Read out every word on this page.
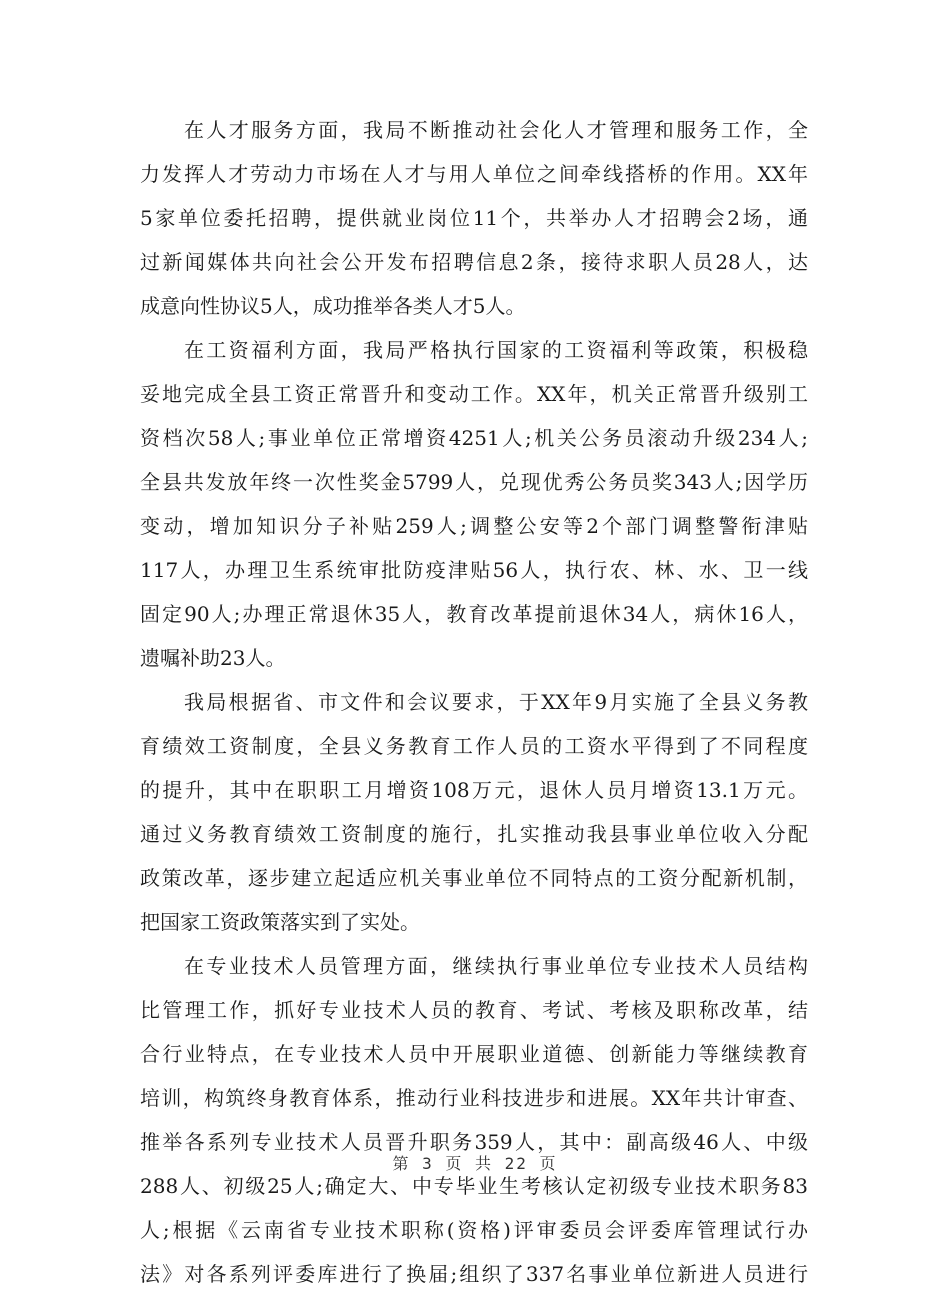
在人才服务方面，我局不断推动社会化人才管理和服务工作，全
力发挥人才劳动力市场在人才与用人单位之间牵线搭桥的作用。XX年
5家单位委托招聘，提供就业岗位11个，共举办人才招聘会2场，通
过新闻媒体共向社会公开发布招聘信息2条，接待求职人员28人，达
成意向性协议5人，成功推举各类人才5人。
在工资福利方面，我局严格执行国家的工资福利等政策，积极稳
妥地完成全县工资正常晋升和变动工作。XX年，机关正常晋升级别工
资档次58人;事业单位正常增资4251人;机关公务员滚动升级234人;
全县共发放年终一次性奖金5799人，兑现优秀公务员奖343人;因学历
变动，增加知识分子补贴259人;调整公安等2个部门调整警衔津贴
117人，办理卫生系统审批防疫津贴56人，执行农、林、水、卫一线
固定90人;办理正常退休35人，教育改革提前退休34人，病休16人，
遗嘱补助23人。
我局根据省、市文件和会议要求，于XX年9月实施了全县义务教
育绩效工资制度，全县义务教育工作人员的工资水平得到了不同程度
的提升，其中在职职工月增资108万元，退休人员月增资13.1万元。
通过义务教育绩效工资制度的施行，扎实推动我县事业单位收入分配
政策改革，逐步建立起适应机关事业单位不同特点的工资分配新机制，
把国家工资政策落实到了实处。
在专业技术人员管理方面，继续执行事业单位专业技术人员结构
比管理工作，抓好专业技术人员的教育、考试、考核及职称改革，结
合行业特点，在专业技术人员中开展职业道德、创新能力等继续教育
培训，构筑终身教育体系，推动行业科技进步和进展。XX年共计审查、
推举各系列专业技术人员晋升职务359人，其中：副高级46人、中级
288人、初级25人;确定大、中专毕业生考核认定初级专业技术职务83
人;根据《云南省专业技术职称(资格)评审委员会评委库管理试行办
法》对各系列评委库进行了换届;组织了337名事业单位新进人员进行
第 3 页 共 22 页
